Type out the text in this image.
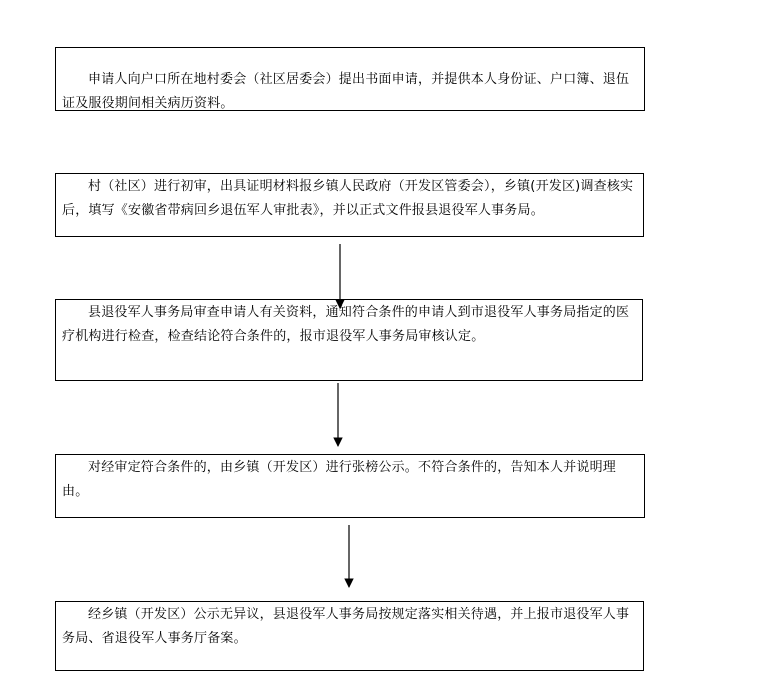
申请人向户口所在地村委会（社区居委会）提出书面申请，并提供本人身份证、户口簿、退伍证及服役期间相关病历资料。
村（社区）进行初审，出具证明材料报乡镇人民政府（开发区管委会），乡镇(开发区)调查核实后，填写《安徽省带病回乡退伍军人审批表》，并以正式文件报县退役军人事务局。
县退役军人事务局审查申请人有关资料，通知符合条件的申请人到市退役军人事务局指定的医疗机构进行检查，检查结论符合条件的，报市退役军人事务局审核认定。
对经审定符合条件的，由乡镇（开发区）进行张榜公示。不符合条件的，告知本人并说明理由。
经乡镇（开发区）公示无异议，县退役军人事务局按规定落实相关待遇，并上报市退役军人事务局、省退役军人事务厅备案。
